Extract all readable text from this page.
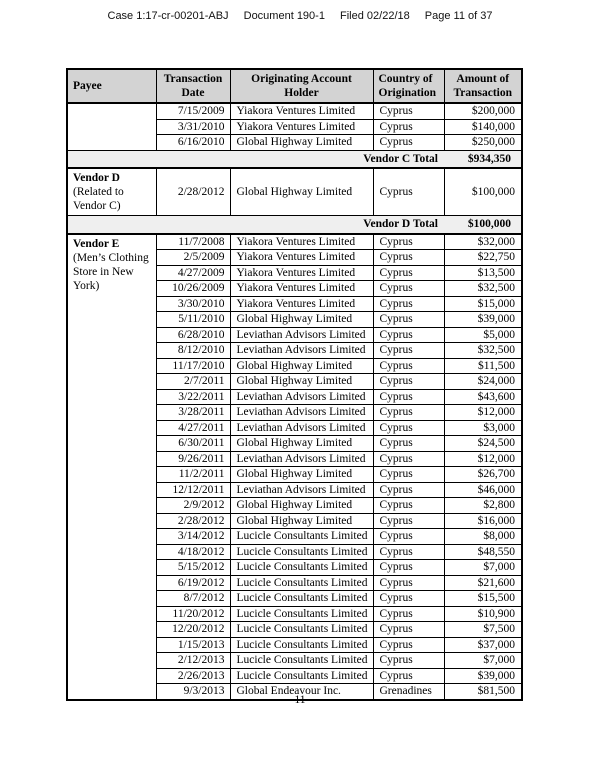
Case 1:17-cr-00201-ABJ Document 190-1 Filed 02/22/18 Page 11 of 37
Payee	Transaction Date	Originating Account Holder	Country of Origination	Amount of Transaction
	7/15/2009	Yiakora Ventures Limited	Cyprus	$200,000
	3/31/2010	Yiakora Ventures Limited	Cyprus	$140,000
	6/16/2010	Global Highway Limited	Cyprus	$250,000
Vendor C Total				$934,350

Vendor D
(Related to
Vendor C)	2/28/2012	Global Highway Limited	Cyprus	$100,000
Vendor D Total				$100,000

Vendor E
(Men’s Clothing
Store in New
York)	11/7/2008	Yiakora Ventures Limited	Cyprus	$32,000
	2/5/2009	Yiakora Ventures Limited	Cyprus	$22,750
	4/27/2009	Yiakora Ventures Limited	Cyprus	$13,500
	10/26/2009	Yiakora Ventures Limited	Cyprus	$32,500
	3/30/2010	Yiakora Ventures Limited	Cyprus	$15,000
	5/11/2010	Global Highway Limited	Cyprus	$39,000
	6/28/2010	Leviathan Advisors Limited	Cyprus	$5,000
	8/12/2010	Leviathan Advisors Limited	Cyprus	$32,500
	11/17/2010	Global Highway Limited	Cyprus	$11,500
	2/7/2011	Global Highway Limited	Cyprus	$24,000
	3/22/2011	Leviathan Advisors Limited	Cyprus	$43,600
	3/28/2011	Leviathan Advisors Limited	Cyprus	$12,000
	4/27/2011	Leviathan Advisors Limited	Cyprus	$3,000
	6/30/2011	Global Highway Limited	Cyprus	$24,500
	9/26/2011	Leviathan Advisors Limited	Cyprus	$12,000
	11/2/2011	Global Highway Limited	Cyprus	$26,700
	12/12/2011	Leviathan Advisors Limited	Cyprus	$46,000
	2/9/2012	Global Highway Limited	Cyprus	$2,800
	2/28/2012	Global Highway Limited	Cyprus	$16,000
	3/14/2012	Lucicle Consultants Limited	Cyprus	$8,000
	4/18/2012	Lucicle Consultants Limited	Cyprus	$48,550
	5/15/2012	Lucicle Consultants Limited	Cyprus	$7,000
	6/19/2012	Lucicle Consultants Limited	Cyprus	$21,600
	8/7/2012	Lucicle Consultants Limited	Cyprus	$15,500
	11/20/2012	Lucicle Consultants Limited	Cyprus	$10,900
	12/20/2012	Lucicle Consultants Limited	Cyprus	$7,500
	1/15/2013	Lucicle Consultants Limited	Cyprus	$37,000
	2/12/2013	Lucicle Consultants Limited	Cyprus	$7,000
	2/26/2013	Lucicle Consultants Limited	Cyprus	$39,000
	9/3/2013	Global Endeavour Inc.	Grenadines	$81,500
11
